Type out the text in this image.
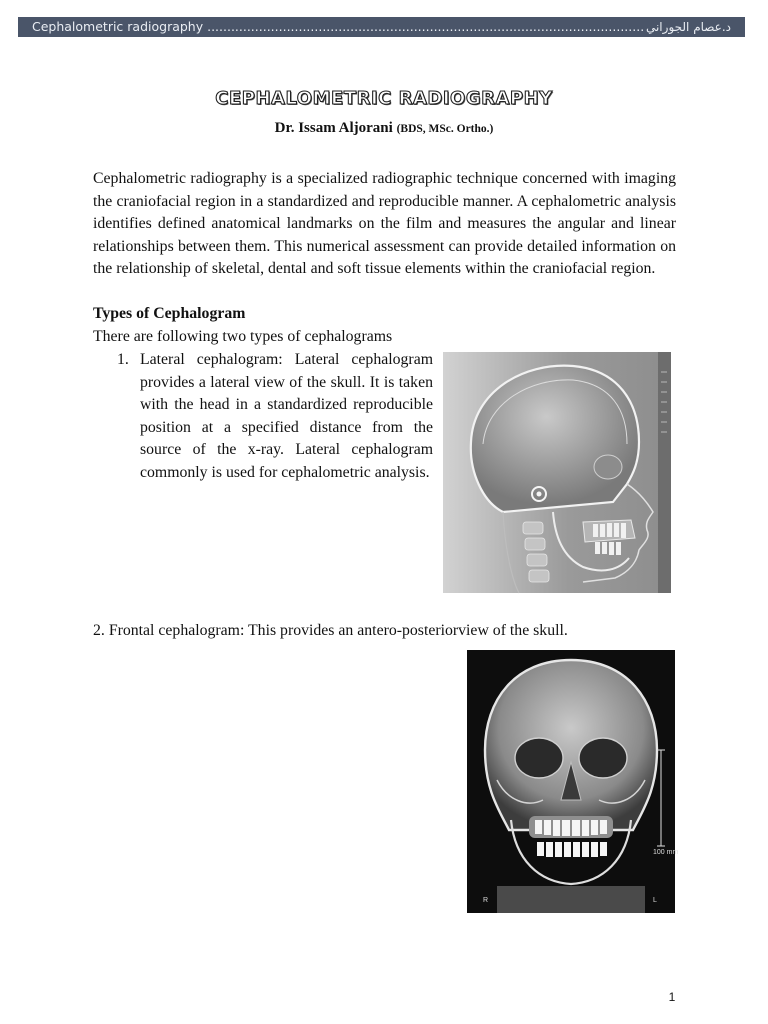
Cephalometric radiography .............................................................................................................. د.عصام الجوراني
CEPHALOMETRIC RADIOGRAPHY
Dr. Issam Aljorani (BDS, MSc. Ortho.)

Cephalometric radiography is a specialized radiographic technique concerned with imaging the craniofacial region in a standardized and reproducible manner. A cephalometric analysis identifies defined anatomical landmarks on the film and measures the angular and linear relationships between them. This numerical assessment can provide detailed information on the relationship of skeletal, dental and soft tissue elements within the craniofacial region.

Types of Cephalogram

There are following two types of cephalograms

1. Lateral cephalogram: Lateral cephalogram provides a lateral view of the skull. It is taken with the head in a standardized reproducible position at a specified distance from the source of the x-ray. Lateral cephalogram commonly is used for cephalometric analysis.

2. Frontal cephalogram: This provides an antero-posteriorview of the skull.

100 mm
R	L
1
